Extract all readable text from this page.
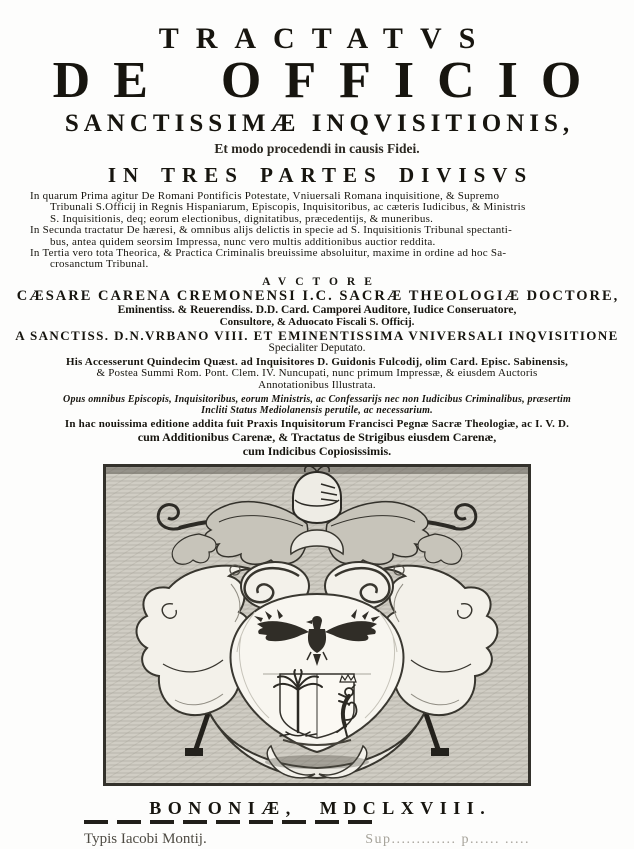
TRACTATVS
DE OFFICIO
SANCTISSIMÆ INQVISITIONIS,
Et modo procedendi in causis Fidei.
IN TRES PARTES DIVISVS
In quarum Prima agitur De Romani Pontificis Potestate, Vniuersali Romana inquisitione, & Supremo
Tribunali S.Officij in Regnis Hispaniarum, Episcopis, Inquisitoribus, ac cæteris Iudicibus, & Ministris
S. Inquisitionis, deq; eorum electionibus, dignitatibus, præcedentijs, & muneribus.
In Secunda tractatur De hæresi, & omnibus alijs delictis in specie ad S. Inquisitionis Tribunal spectanti-
bus, antea quidem seorsim Impressa, nunc vero multis additionibus auctior reddita.
In Tertia vero tota Theorica, & Practica Criminalis breuissime absoluitur, maxime in ordine ad hoc Sa-
crosanctum Tribunal.
AVCTORE
CÆSARE CARENA CREMONENSI I.C. SACRÆ THEOLOGIÆ DOCTORE,
Eminentiss. & Reuerendiss. D.D. Card. Camporei Auditore, Iudice Conseruatore,
Consultore, & Aduocato Fiscali S. Officij.
A SANCTISS. D.N.VRBANO VIII. ET EMINENTISSIMA VNIVERSALI INQVISITIONE
Specialiter Deputato.
His Accesserunt Quindecim Quæst. ad Inquisitores D. Guidonis Fulcodij, olim Card. Episc. Sabinensis,
& Postea Summi Rom. Pont. Clem. IV. Nuncupati, nunc primum Impressæ, & eiusdem Auctoris
Annotationibus Illustrata.
Opus omnibus Episcopis, Inquisitoribus, eorum Ministris, ac Confessarijs nec non Iudicibus Criminalibus, præsertim
Incliti Status Mediolanensis perutile, ac necessarium.
In hac nouissima editione addita fuit Praxis Inquisitorum Francisci Pegnæ Sacræ Theologiæ, ac I. V. D.
cum Additionibus Carenæ, & Tractatus de Strigibus eiusdem Carenæ,
cum Indicibus Copiosissimis.
BONONIÆ, MDCLXVIII.
Typis Iacobi Montij.	Sup............. p...... .....
